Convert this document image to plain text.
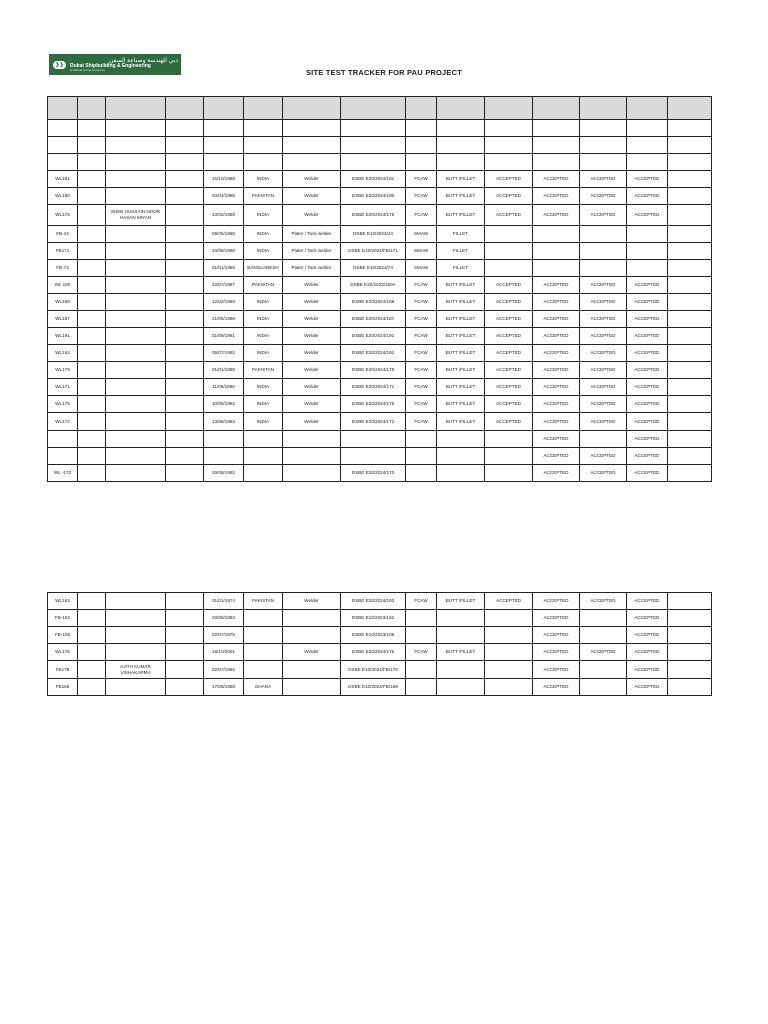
❯❯
دبي للهندسة وصناعة السفن
Dubai Shipbuilding & Engineering
A Hidada Group Company	SITE TEST TRACKER FOR PAU PROJECT

WL181				15/10/1988	INDIA	Welder	DSBE E20/2024/181	FCAW	BUTT /FILLET	ACCEPTED	ACCEPTED	ACCEPTED	ACCEPTED	
WL180				20/04/1995	PAKISTAN	Welder	DSBE E20/2024/180	FCAW	BUTT /FILLET	ACCEPTED	ACCEPTED	ACCEPTED	ACCEPTED	
WL178		SHEB HUSSAIN NOOR HASAN MIYAN		10/02/1989	INDIA	Welder	DSBE E20/2024/178	FCAW	BUTT /FILLET	ACCEPTED	ACCEPTED	ACCEPTED	ACCEPTED	
FB-44				09/05/1960	INDIA	Plater / Tack welder	DSBE E10/2023/44	SMAW	FILLET					
FB171				10/08/1998	INDIA	Plater / Tack welder	DSBE E10/2024/FB/171	SMAW	FILLET					
FB-74				01/01/1969	BANGLADESH	Plater / Tack welder	DSBE E10/2023/74	SMAW	FILLET					
WL 160				22/07/1987	PAKISTAN	Welder	DSBE E20/2023/160A	FCAW	BUTT /FILLET	ACCEPTED	ACCEPTED	ACCEPTED	ACCEPTED	
WL189				12/02/1993	INDIA	Welder	DSBE E20/2024/189	FCAW	BUTT /FILLET	ACCEPTED	ACCEPTED	ACCEPTED	ACCEPTED	
WL187				21/06/1996	INDIA	Welder	DSBE E20/2024/187	FCAW	BUTT /FILLET	ACCEPTED	ACCEPTED	ACCEPTED	ACCEPTED	
WL191				01/09/1981	INDIA	Welder	DSBE E20/2024/191	FCAW	BUTT /FILLET	ACCEPTED	ACCEPTED	ACCEPTED	ACCEPTED	
WL192				05/07/1992	INDIA	Welder	DSBE E20/2024/192	FCAW	BUTT /FILLET	ACCEPTED	ACCEPTED	ACCEPTED	ACCEPTED	
WL179				01/01/1989	PAKISTAN	Welder	DSBE E20/2024/179	FCAW	BUTT /FILLET	ACCEPTED	ACCEPTED	ACCEPTED	ACCEPTED	
WL171				11/08/1980	INDIA	Welder	DSBE E20/2024/171	FCAW	BUTT /FILLET	ACCEPTED	ACCEPTED	ACCEPTED	ACCEPTED	
WL175				10/05/1992	INDIA	Welder	DSBE E20/2024/175	FCAW	BUTT /FILLET	ACCEPTED	ACCEPTED	ACCEPTED	ACCEPTED	
WL172				13/06/1984	INDIA	Welder	DSBE E20/2024/172	FCAW	BUTT /FILLET	ACCEPTED	ACCEPTED	ACCEPTED	ACCEPTED	
											ACCEPTED		ACCEPTED	
											ACCEPTED	ACCEPTED	ACCEPTED	
WL -170				20/08/1992			DSBE E20/2024/170				ACCEPTED	ACCEPTED	ACCEPTED	
WL193				01/01/1974	PAKISTAN	Welder	DSBE E20/2024/193	FCAW	BUTT /FILLET	ACCEPTED	ACCEPTED	ACCEPTED	ACCEPTED	
FB-162				20/05/1983			DSBE E10/2023/162				ACCEPTED		ACCEPTED	
FB-105				02/07/1975			DSBE E10/2023/105				ACCEPTED		ACCEPTED	
WL176				18/10/2001		Welder	DSBE E20/2024/176	FCAW	BUTT /FILLET		ACCEPTED	ACCEPTED	ACCEPTED	
FB178		AJITH KUMAR VISHAKARMA		02/07/1992			DSBE E10/2024/FB/178				ACCEPTED		ACCEPTED	
FB168				17/08/1988	GHANA		DSBE E10/2024/FB/168				ACCEPTED		ACCEPTED	
